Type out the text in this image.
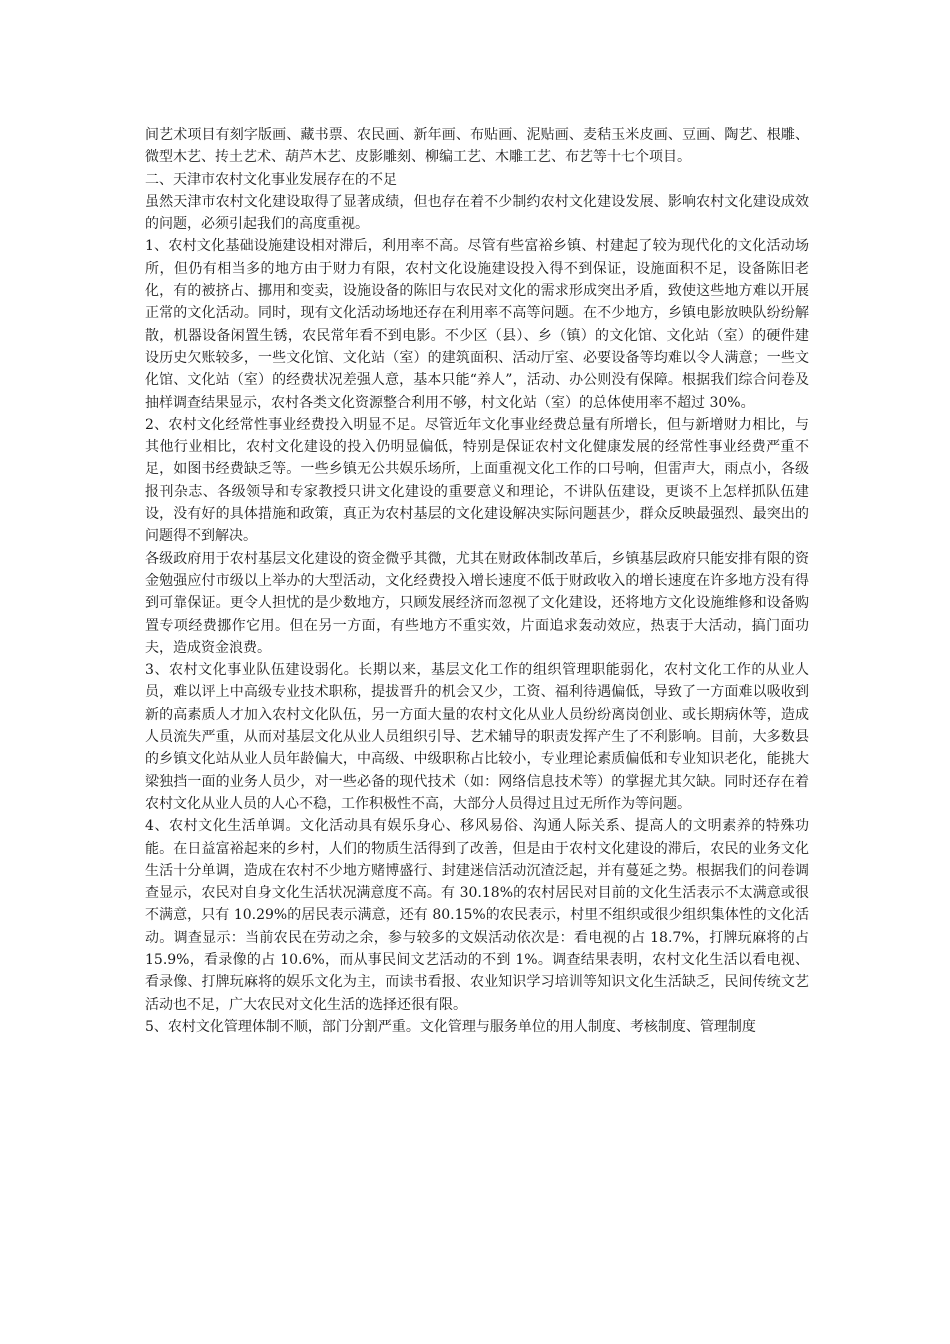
间艺术项目有刻字版画、藏书票、农民画、新年画、布贴画、泥贴画、麦秸玉米皮画、豆画、陶艺、根雕、微型木艺、抟土艺术、葫芦木艺、皮影雕刻、柳编工艺、木雕工艺、布艺等十七个项目。

二、天津市农村文化事业发展存在的不足

虽然天津市农村文化建设取得了显著成绩，但也存在着不少制约农村文化建设发展、影响农村文化建设成效的问题，必须引起我们的高度重视。

1、农村文化基础设施建设相对滞后，利用率不高。尽管有些富裕乡镇、村建起了较为现代化的文化活动场所，但仍有相当多的地方由于财力有限，农村文化设施建设投入得不到保证，设施面积不足，设备陈旧老化，有的被挤占、挪用和变卖，设施设备的陈旧与农民对文化的需求形成突出矛盾，致使这些地方难以开展正常的文化活动。同时，现有文化活动场地还存在利用率不高等问题。在不少地方，乡镇电影放映队纷纷解散，机器设备闲置生锈，农民常年看不到电影。不少区（县）、乡（镇）的文化馆、文化站（室）的硬件建设历史欠账较多，一些文化馆、文化站（室）的建筑面积、活动厅室、必要设备等均难以令人满意；一些文化馆、文化站（室）的经费状况差强人意，基本只能“养人”，活动、办公则没有保障。根据我们综合问卷及抽样调查结果显示，农村各类文化资源整合利用不够，村文化站（室）的总体使用率不超过 30%。

2、农村文化经常性事业经费投入明显不足。尽管近年文化事业经费总量有所增长，但与新增财力相比，与其他行业相比，农村文化建设的投入仍明显偏低，特别是保证农村文化健康发展的经常性事业经费严重不足，如图书经费缺乏等。一些乡镇无公共娱乐场所，上面重视文化工作的口号响，但雷声大，雨点小，各级报刊杂志、各级领导和专家教授只讲文化建设的重要意义和理论，不讲队伍建设，更谈不上怎样抓队伍建设，没有好的具体措施和政策，真正为农村基层的文化建设解决实际问题甚少，群众反映最强烈、最突出的问题得不到解决。

各级政府用于农村基层文化建设的资金微乎其微，尤其在财政体制改革后，乡镇基层政府只能安排有限的资金勉强应付市级以上举办的大型活动，文化经费投入增长速度不低于财政收入的增长速度在许多地方没有得到可靠保证。更令人担忧的是少数地方，只顾发展经济而忽视了文化建设，还将地方文化设施维修和设备购置专项经费挪作它用。但在另一方面，有些地方不重实效，片面追求轰动效应，热衷于大活动，搞门面功夫，造成资金浪费。

3、农村文化事业队伍建设弱化。长期以来，基层文化工作的组织管理职能弱化，农村文化工作的从业人员，难以评上中高级专业技术职称，提拔晋升的机会又少，工资、福利待遇偏低，导致了一方面难以吸收到新的高素质人才加入农村文化队伍，另一方面大量的农村文化从业人员纷纷离岗创业、或长期病休等，造成人员流失严重，从而对基层文化从业人员组织引导、艺术辅导的职责发挥产生了不利影响。目前，大多数县的乡镇文化站从业人员年龄偏大，中高级、中级职称占比较小，专业理论素质偏低和专业知识老化，能挑大梁独挡一面的业务人员少，对一些必备的现代技术（如：网络信息技术等）的掌握尤其欠缺。同时还存在着农村文化从业人员的人心不稳，工作积极性不高，大部分人员得过且过无所作为等问题。

4、农村文化生活单调。文化活动具有娱乐身心、移风易俗、沟通人际关系、提高人的文明素养的特殊功能。在日益富裕起来的乡村，人们的物质生活得到了改善，但是由于农村文化建设的滞后，农民的业务文化生活十分单调，造成在农村不少地方赌博盛行、封建迷信活动沉渣泛起，并有蔓延之势。根据我们的问卷调查显示，农民对自身文化生活状况满意度不高。有 30.18%的农村居民对目前的文化生活表示不太满意或很不满意，只有 10.29%的居民表示满意，还有 80.15%的农民表示，村里不组织或很少组织集体性的文化活动。调查显示：当前农民在劳动之余，参与较多的文娱活动依次是：看电视的占 18.7%，打牌玩麻将的占 15.9%，看录像的占 10.6%，而从事民间文艺活动的不到 1%。调查结果表明，农村文化生活以看电视、看录像、打牌玩麻将的娱乐文化为主，而读书看报、农业知识学习培训等知识文化生活缺乏，民间传统文艺活动也不足，广大农民对文化生活的选择还很有限。

5、农村文化管理体制不顺，部门分割严重。文化管理与服务单位的用人制度、考核制度、管理制度
